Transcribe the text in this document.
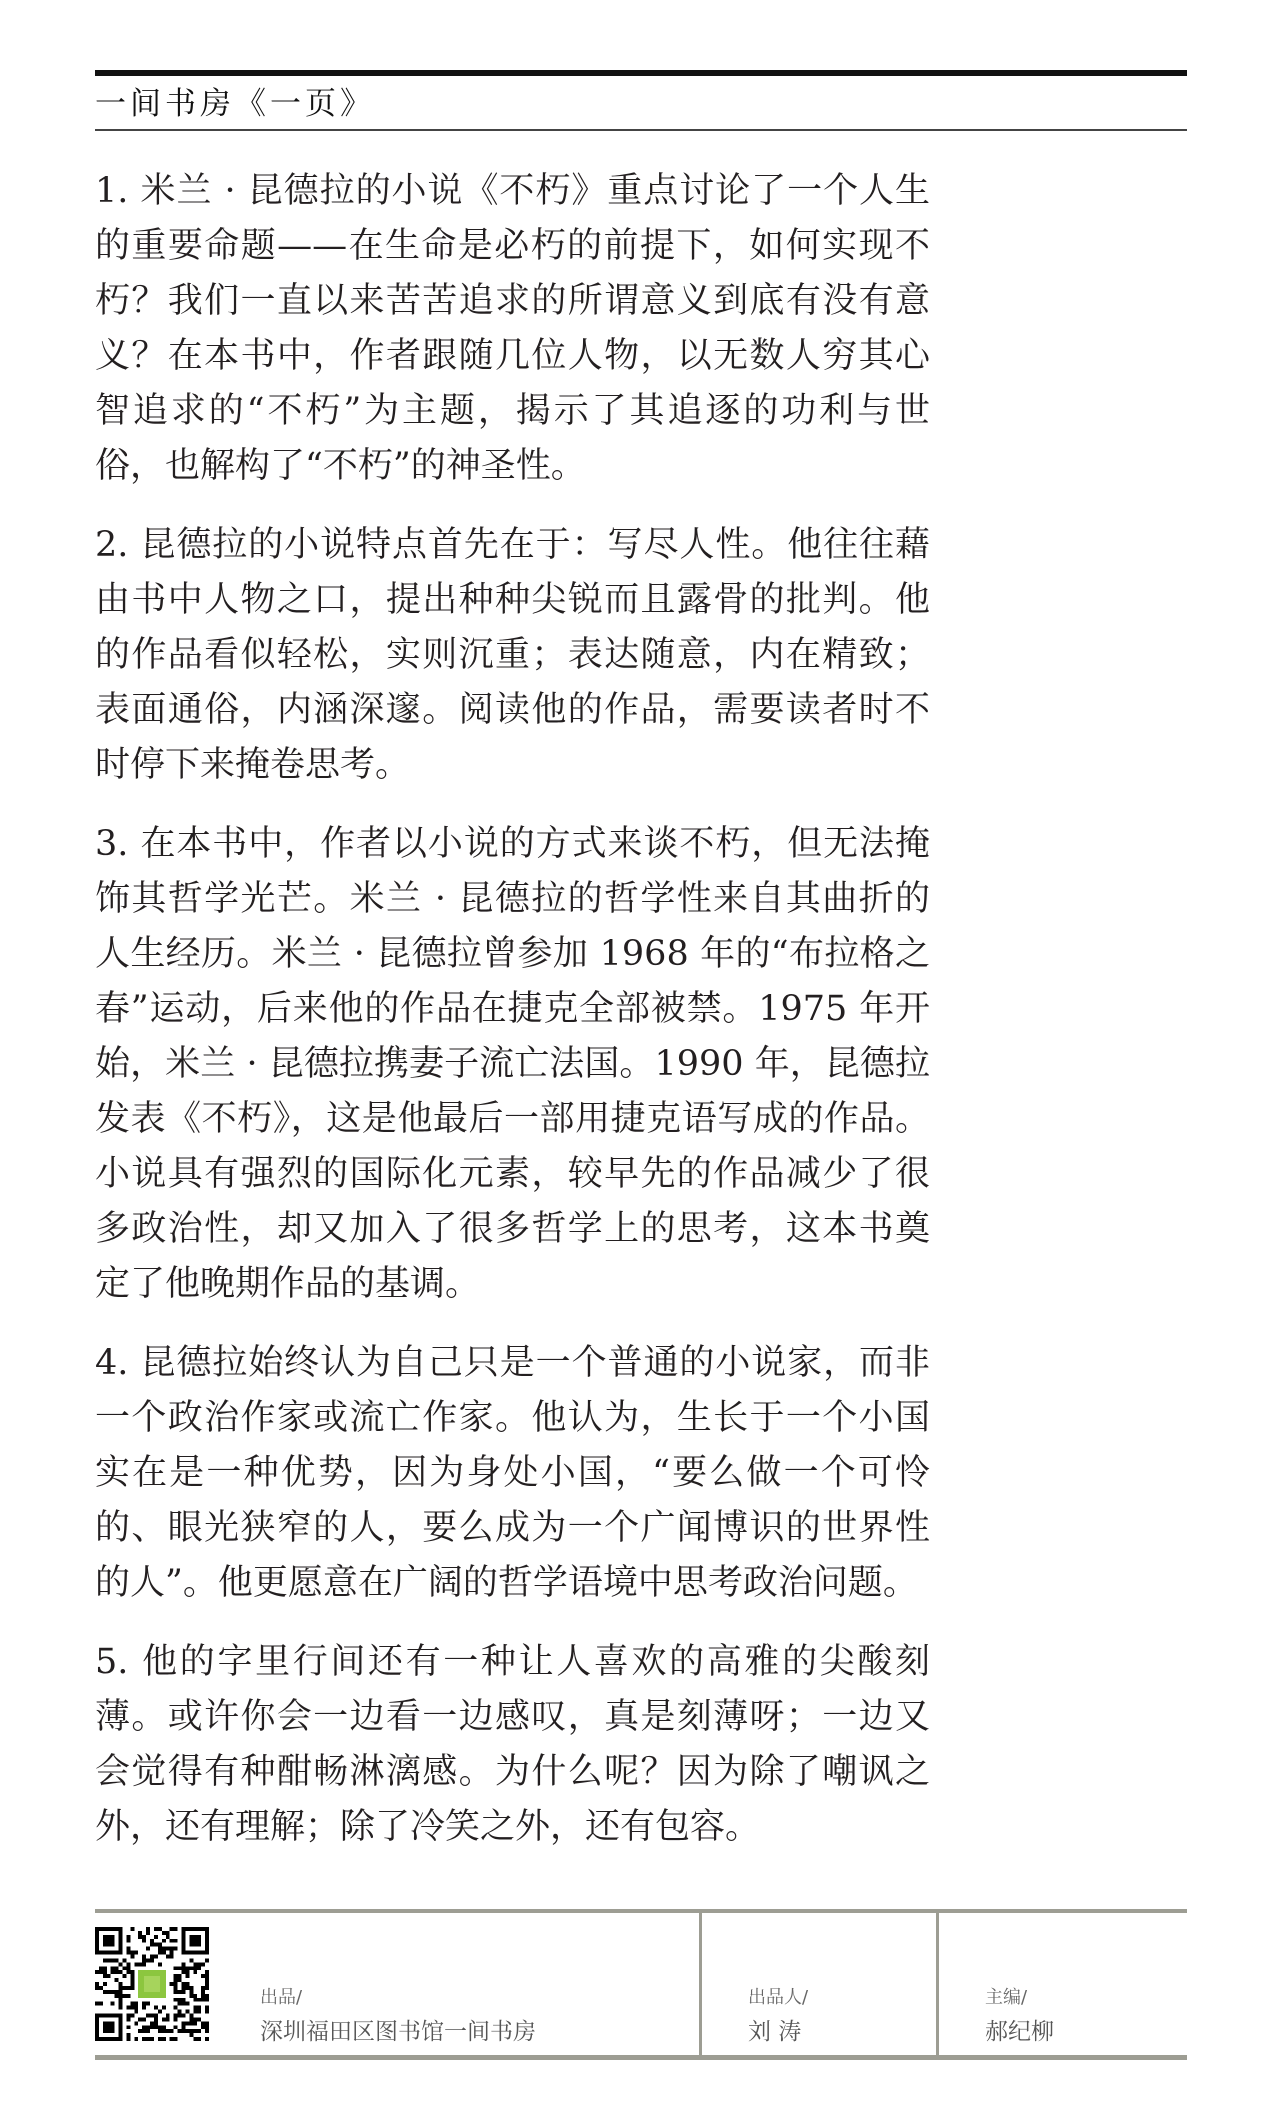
一间书房《一页》

1. 米兰 · 昆德拉的小说《不朽》重点讨论了一个人生的重要命题——在生命是必朽的前提下，如何实现不朽？我们一直以来苦苦追求的所谓意义到底有没有意义？在本书中，作者跟随几位人物，以无数人穷其心智追求的“不朽”为主题，揭示了其追逐的功利与世俗，也解构了“不朽”的神圣性。

2. 昆德拉的小说特点首先在于：写尽人性。他往往藉由书中人物之口，提出种种尖锐而且露骨的批判。他的作品看似轻松，实则沉重；表达随意，内在精致；表面通俗，内涵深邃。阅读他的作品，需要读者时不时停下来掩卷思考。

3. 在本书中，作者以小说的方式来谈不朽，但无法掩饰其哲学光芒。米兰 · 昆德拉的哲学性来自其曲折的人生经历。米兰 · 昆德拉曾参加 1968 年的“布拉格之春”运动，后来他的作品在捷克全部被禁。1975 年开始，米兰 · 昆德拉携妻子流亡法国。1990 年，昆德拉发表《不朽》，这是他最后一部用捷克语写成的作品。小说具有强烈的国际化元素，较早先的作品减少了很多政治性，却又加入了很多哲学上的思考，这本书奠定了他晚期作品的基调。

4. 昆德拉始终认为自己只是一个普通的小说家，而非一个政治作家或流亡作家。他认为，生长于一个小国实在是一种优势，因为身处小国，“要么做一个可怜的、眼光狭窄的人，要么成为一个广闻博识的世界性的人”。他更愿意在广阔的哲学语境中思考政治问题。

5. 他的字里行间还有一种让人喜欢的高雅的尖酸刻薄。或许你会一边看一边感叹，真是刻薄呀；一边又会觉得有种酣畅淋漓感。为什么呢？因为除了嘲讽之外，还有理解；除了冷笑之外，还有包容。

出品/
深圳福田区图书馆一间书房
出品人/
刘 涛
主编/
郝纪柳
